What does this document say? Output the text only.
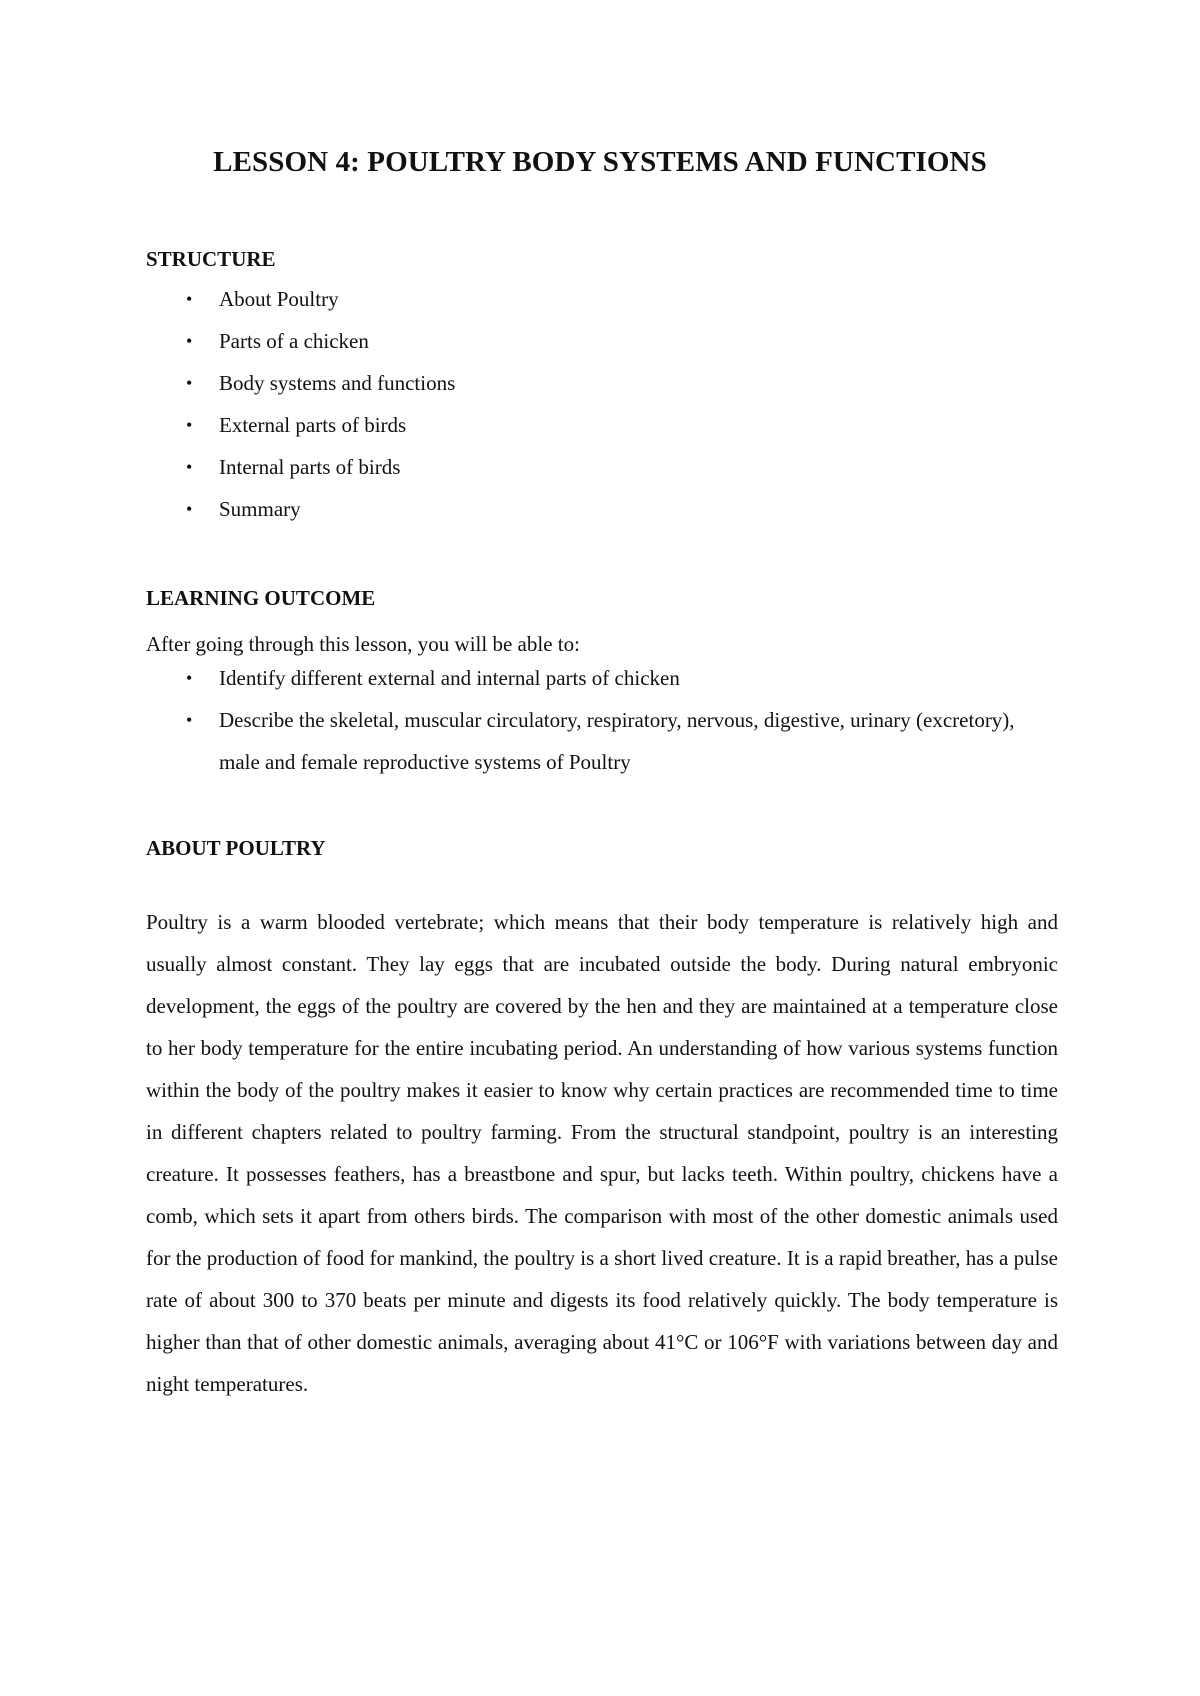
LESSON 4: POULTRY BODY SYSTEMS AND FUNCTIONS
STRUCTURE
• About Poultry
• Parts of a chicken
• Body systems and functions
• External parts of birds
• Internal parts of birds
• Summary
LEARNING OUTCOME
After going through this lesson, you will be able to:
• Identify different external and internal parts of chicken
• Describe the skeletal, muscular circulatory, respiratory, nervous, digestive, urinary (excretory), male and female reproductive systems of Poultry
ABOUT POULTRY

Poultry is a warm blooded vertebrate; which means that their body temperature is relatively high and usually almost constant. They lay eggs that are incubated outside the body. During natural embryonic development, the eggs of the poultry are covered by the hen and they are maintained at a temperature close to her body temperature for the entire incubating period. An understanding of how various systems function within the body of the poultry makes it easier to know why certain practices are recommended time to time in different chapters related to poultry farming. From the structural standpoint, poultry is an interesting creature. It possesses feathers, has a breastbone and spur, but lacks teeth. Within poultry, chickens have a comb, which sets it apart from others birds. The comparison with most of the other domestic animals used for the production of food for mankind, the poultry is a short lived creature. It is a rapid breather, has a pulse rate of about 300 to 370 beats per minute and digests its food relatively quickly. The body temperature is higher than that of other domestic animals, averaging about 41°C or 106°F with variations between day and night temperatures.
